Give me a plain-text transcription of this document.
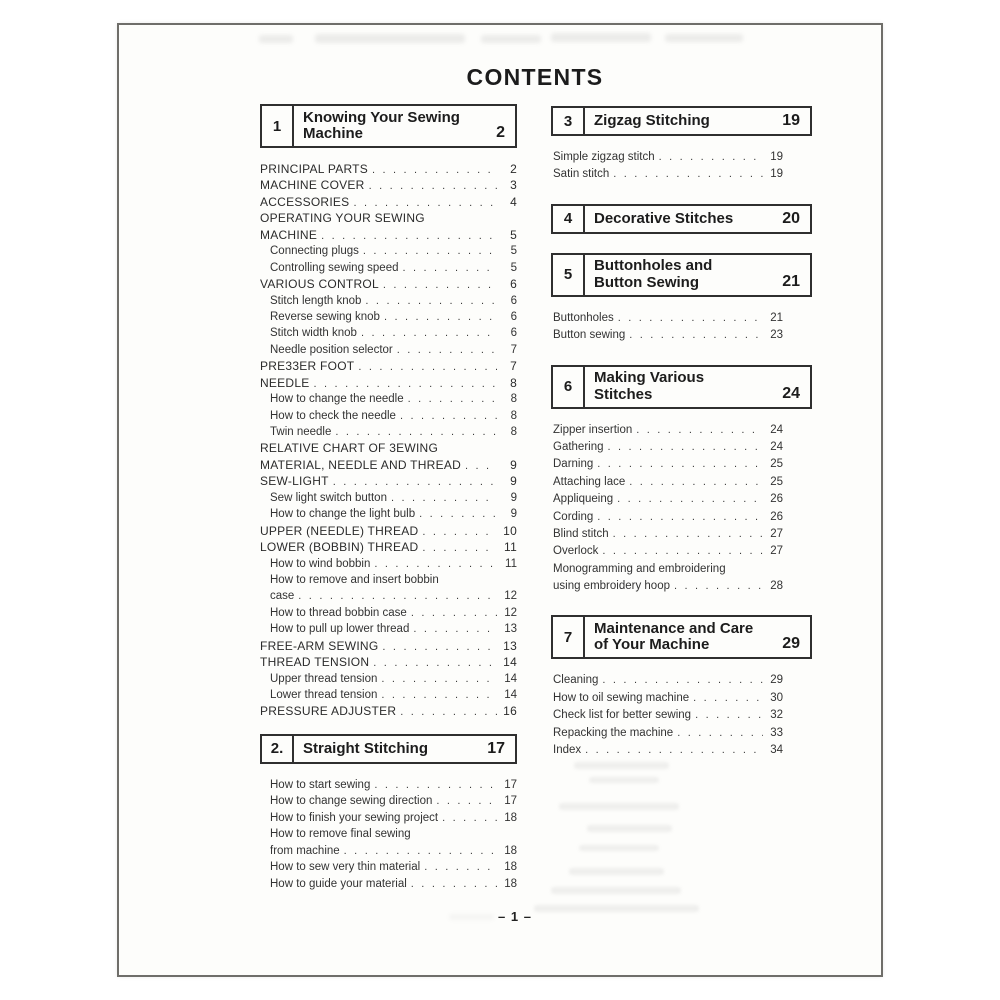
CONTENTS
1
Knowing Your Sewing
Machine	2
PRINCIPAL PARTS . . .	2
MACHINE COVER . . .	3
ACCESSORIES . . .	4
OPERATING YOUR SEWING
MACHINE . . .	5
Connecting plugs . . .	5
Controlling sewing speed . . .	5
VARIOUS CONTROL . . .	6
Stitch length knob . . .	6
Reverse sewing knob . . .	6
Stitch width knob . . .	6
Needle position selector . . .	7
PRE33ER FOOT . . .	7
NEEDLE . . .	8
How to change the needle . . .	8
How to check the needle . . .	8
Twin needle . . .	8
RELATIVE CHART OF 3EWING
MATERIAL, NEEDLE AND THREAD . . .	9
SEW-LIGHT . . .	9
Sew light switch button . . .	9
How to change the light bulb . . .	9
UPPER (NEEDLE) THREAD . . .	10
LOWER (BOBBIN) THREAD . . .	11
How to wind bobbin . . .	11
How to remove and insert bobbin
case . . .	12
How to thread bobbin case . . .	12
How to pull up lower thread . . .	13
FREE-ARM SEWING . . .	13
THREAD TENSION . . .	14
Upper thread tension . . .	14
Lower thread tension . . .	14
PRESSURE ADJUSTER . . .	16
2.	Straight Stitching	17
How to start sewing . . .	17
How to change sewing direction . . .	17
How to finish your sewing project . . .	18
How to remove final sewing
from machine . . .	18
How to sew very thin material . . .	18
How to guide your material . . .	18
3	Zigzag Stitching	19
Simple zigzag stitch . . .	19
Satin stitch . . .	19
4	Decorative Stitches	20
5
Buttonholes and
Button Sewing	21
Buttonholes . . .	21
Button sewing . . .	23
6
Making Various
Stitches	24
Zipper insertion . . .	24
Gathering . . .	24
Darning . . .	25
Attaching lace . . .	25
Appliqueing . . .	26
Cording . . .	26
Blind stitch . . .	27
Overlock . . .	27
Monogramming and embroidering
using embroidery hoop . . .	28
7
Maintenance and Care
of Your Machine	29
Cleaning . . .	29
How to oil sewing machine . . .	30
Check list for better sewing . . .	32
Repacking the machine . . .	33
Index . . .	34
– 1 –
